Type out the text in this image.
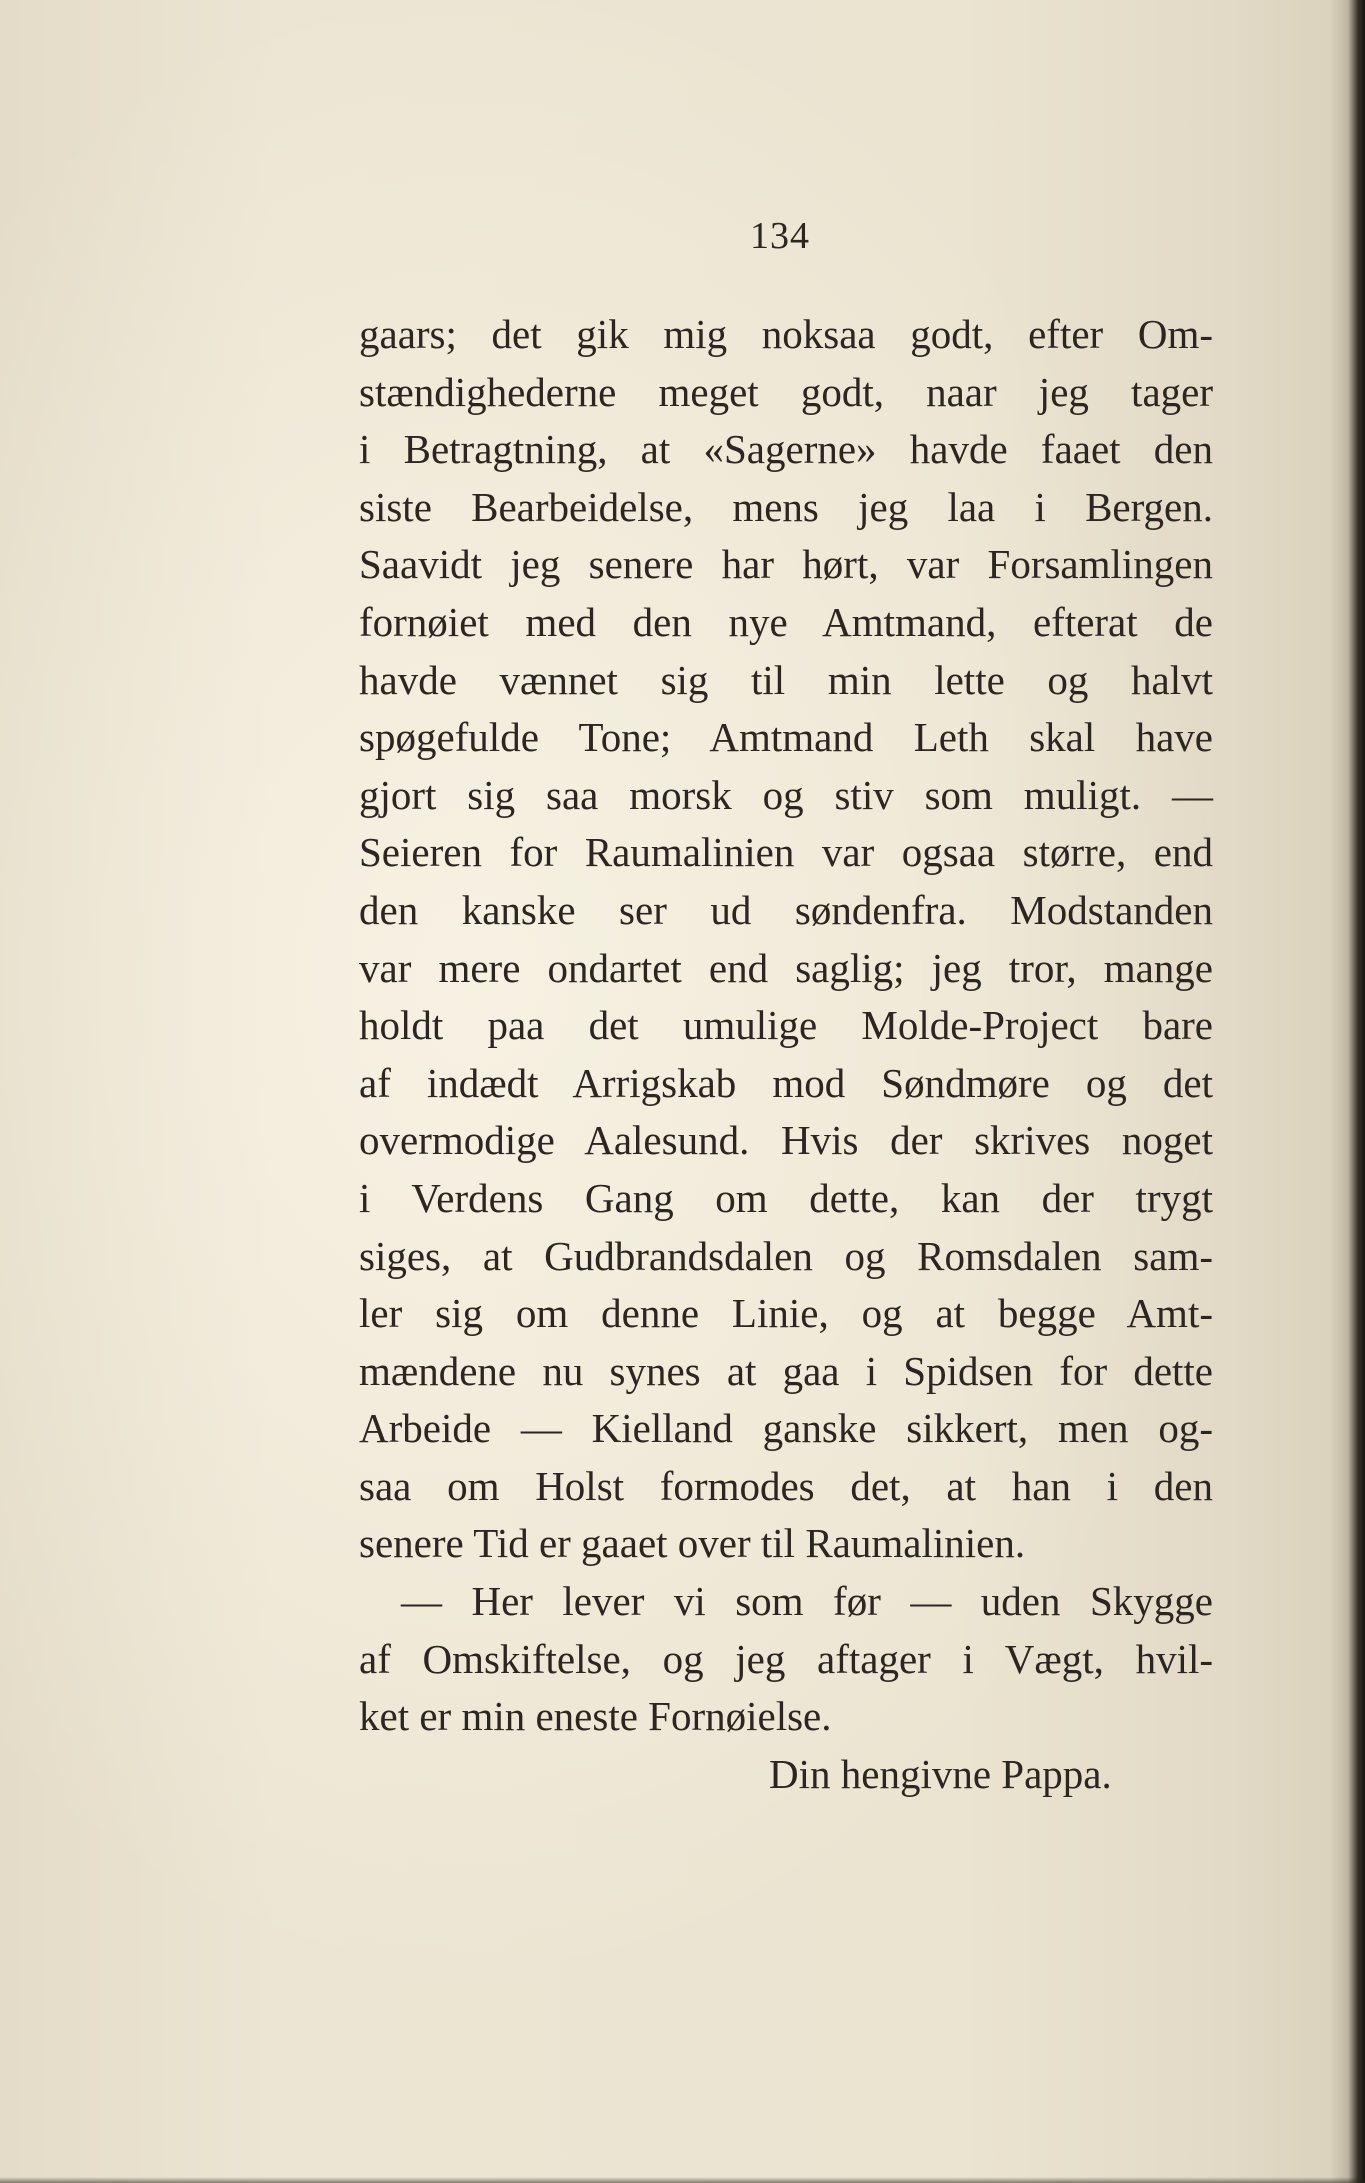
134
gaars; det gik mig noksaa godt, efter Om-
stændighederne meget godt, naar jeg tager
i Betragtning, at «Sagerne» havde faaet den
siste Bearbeidelse, mens jeg laa i Bergen.
Saavidt jeg senere har hørt, var Forsamlingen
fornøiet med den nye Amtmand, efterat de
havde vænnet sig til min lette og halvt
spøgefulde Tone; Amtmand Leth skal have
gjort sig saa morsk og stiv som muligt. —
Seieren for Raumalinien var ogsaa større, end
den kanske ser ud søndenfra. Modstanden
var mere ondartet end saglig; jeg tror, mange
holdt paa det umulige Molde-Project bare
af indædt Arrigskab mod Søndmøre og det
overmodige Aalesund. Hvis der skrives noget
i Verdens Gang om dette, kan der trygt
siges, at Gudbrandsdalen og Romsdalen sam-
ler sig om denne Linie, og at begge Amt-
mændene nu synes at gaa i Spidsen for dette
Arbeide — Kielland ganske sikkert, men og-
saa om Holst formodes det, at han i den
senere Tid er gaaet over til Raumalinien.
— Her lever vi som før — uden Skygge
af Omskiftelse, og jeg aftager i Vægt, hvil-
ket er min eneste Fornøielse.
Din hengivne Pappa.
